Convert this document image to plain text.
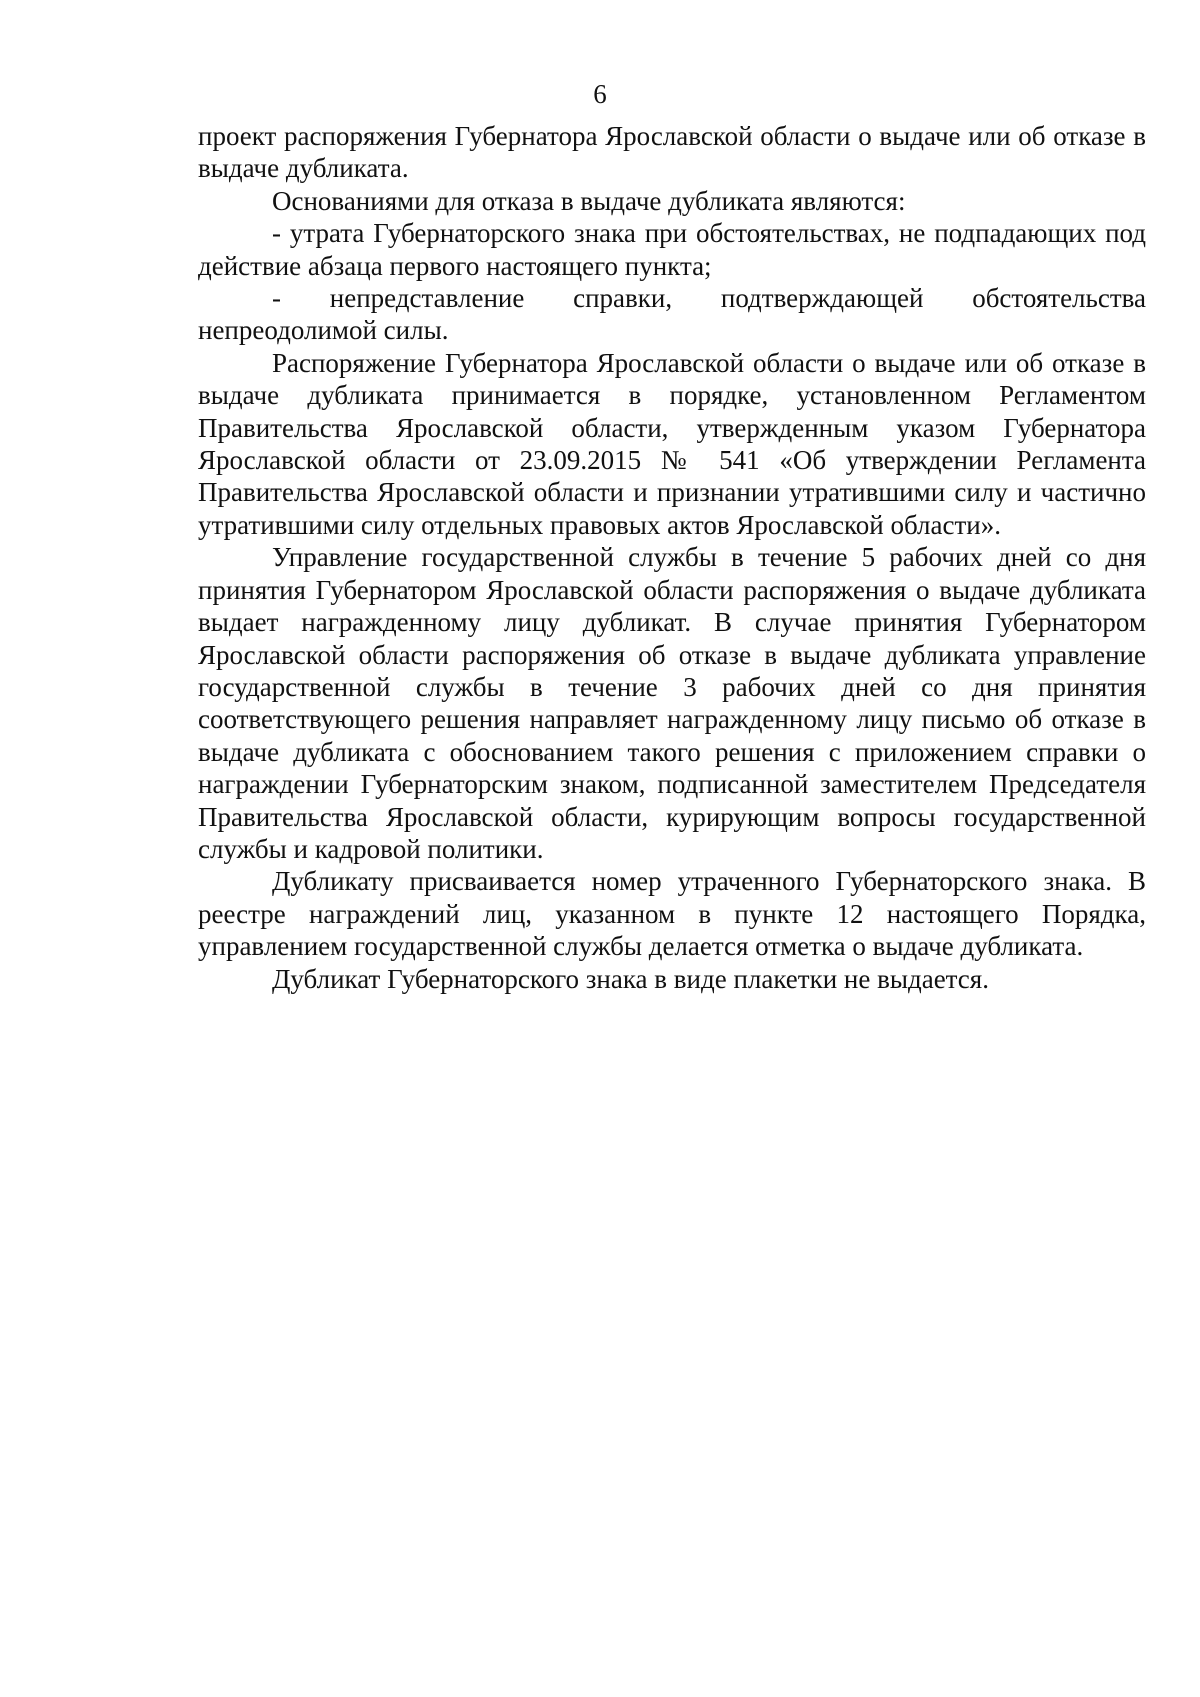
6

проект распоряжения Губернатора Ярославской области о выдаче или об отказе в выдаче дубликата.

Основаниями для отказа в выдаче дубликата являются:

- утрата Губернаторского знака при обстоятельствах, не подпадающих под действие абзаца первого настоящего пункта;

- непредставление справки, подтверждающей обстоятельства непреодолимой силы.

Распоряжение Губернатора Ярославской области о выдаче или об отказе в выдаче дубликата принимается в порядке, установленном Регламентом Правительства Ярославской области, утвержденным указом Губернатора Ярославской области от 23.09.2015 № 541 «Об утверждении Регламента Правительства Ярославской области и признании утратившими силу и частично утратившими силу отдельных правовых актов Ярославской области».

Управление государственной службы в течение 5 рабочих дней со дня принятия Губернатором Ярославской области распоряжения о выдаче дубликата выдает награжденному лицу дубликат. В случае принятия Губернатором Ярославской области распоряжения об отказе в выдаче дубликата управление государственной службы в течение 3 рабочих дней со дня принятия соответствующего решения направляет награжденному лицу письмо об отказе в выдаче дубликата с обоснованием такого решения с приложением справки о награждении Губернаторским знаком, подписанной заместителем Председателя Правительства Ярославской области, курирующим вопросы государственной службы и кадровой политики.

Дубликату присваивается номер утраченного Губернаторского знака. В реестре награждений лиц, указанном в пункте 12 настоящего Порядка, управлением государственной службы делается отметка о выдаче дубликата.

Дубликат Губернаторского знака в виде плакетки не выдается.
